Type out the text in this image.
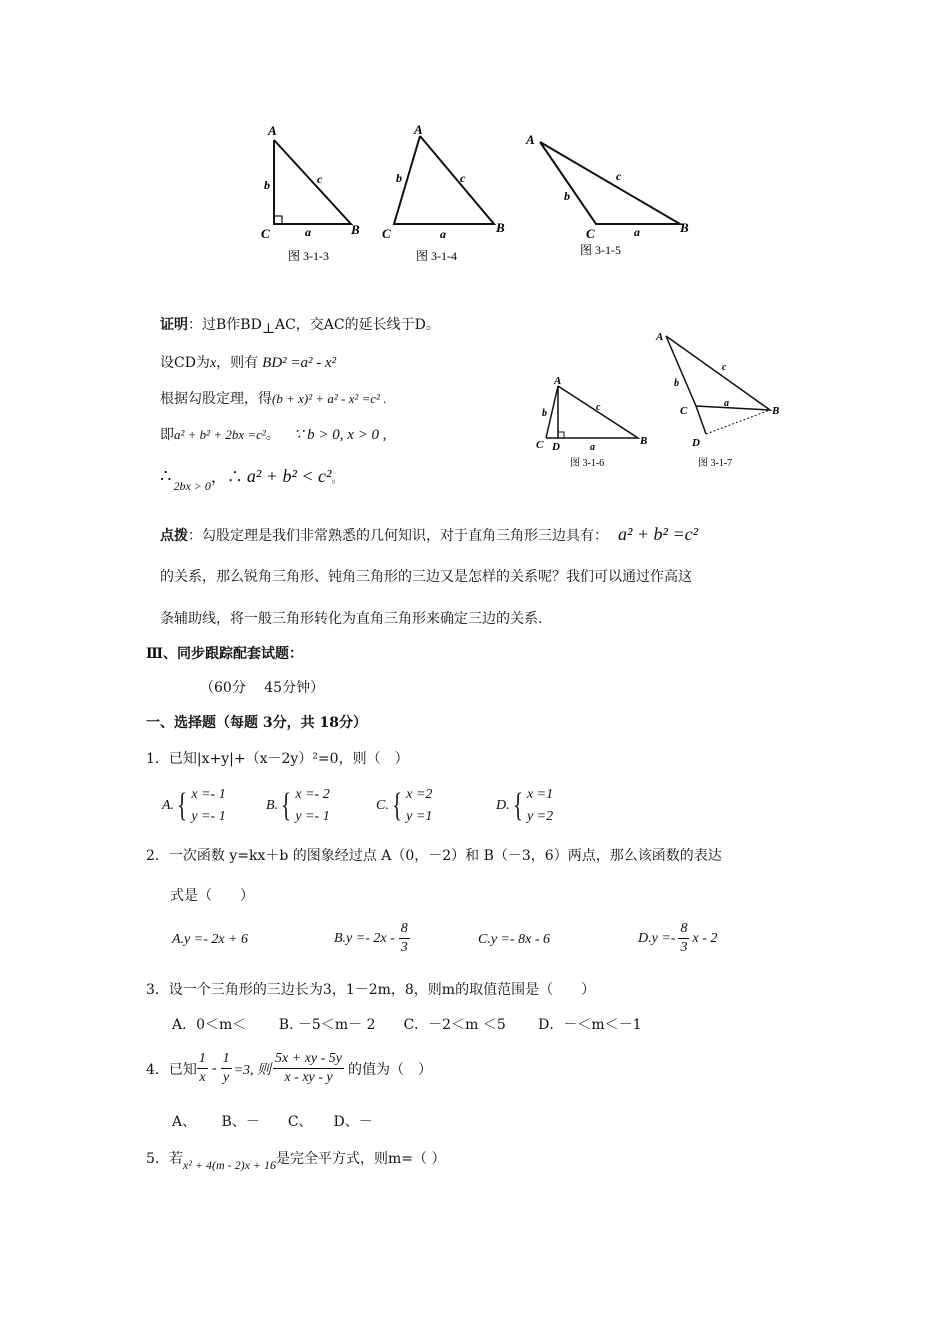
A
C	B
b	c
a
图 3-1-3
A
C	B
b	c
a
图 3-1-4
A
C	B
b
c
a
图 3-1-5
证明：过B作BD⊥AC，交AC的延长线于D。
设CD为x，则有 BD² =a² - x²
根据勾股定理，得(b + x)² + a² - x² =c² .
即a² + b² + 2bx =c²。 ∵ b > 0, x > 0 ,
∴ 2bx > 0，∴ a² + b² < c²。
A
C D	B
b
c
a
图 3-1-6
A
C
D
B
b
c
a
图 3-1-7
点拨：勾股定理是我们非常熟悉的几何知识，对于直角三角形三边具有： a² + b² =c²
的关系，那么锐角三角形、钝角三角形的三边又是怎样的关系呢？我们可以通过作高这
条辅助线，将一般三角形转化为直角三角形来确定三边的关系.
Ⅲ、同步跟踪配套试题：
（60分　 45分钟）
一、选择题（每题 3分，共 18分）
1．已知|x+y|+（x－2y）²=0，则（　）
A. { x =- 1
y =- 1
B. { x =- 2
y =- 1
C. { x =2
y =1
D. { x =1
y =2
2．一次函数 y=kx＋b 的图象经过点 A（0，－2）和 B（－3，6）两点，那么该函数的表达
式是（　　）
A.y =- 2x + 6	$B.y =- 2x - \frac{8}{3}$	C.y =- 8x - 6	$D.y =- \frac{8}{3}$ x - 2
3．设一个三角形的三边长为3，1－2m，8，则m的取值范围是（　　）
A．0＜m＜　　 B. －5＜m－ 2　　C．－2＜m ＜5　　 D．－＜m＜－1
4．已知 $\frac{1}{x} - \frac{1}{y} =3$, 则 $\frac{5x + xy - 5y}{x - xy - y}$ 的值为（　）
A、　　 B、－　　C、　　D、－
5．若 x² + 4(m - 2)x + 16 是完全平方式，则m=（ ）
